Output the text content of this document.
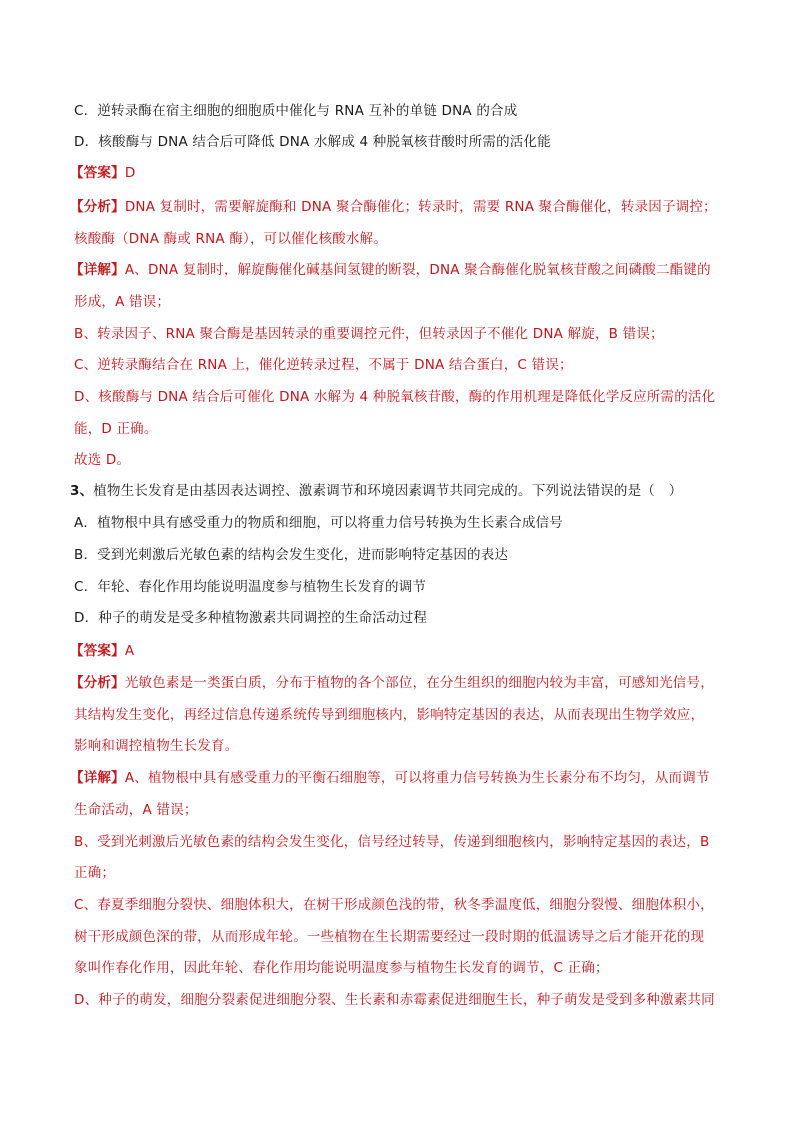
C．逆转录酶在宿主细胞的细胞质中催化与 RNA 互补的单链 DNA 的合成
D．核酸酶与 DNA 结合后可降低 DNA 水解成 4 种脱氧核苷酸时所需的活化能
【答案】D
【分析】DNA 复制时，需要解旋酶和 DNA 聚合酶催化；转录时，需要 RNA 聚合酶催化，转录因子调控；
核酸酶（DNA 酶或 RNA 酶），可以催化核酸水解。
【详解】A、DNA 复制时，解旋酶催化碱基间氢键的断裂，DNA 聚合酶催化脱氧核苷酸之间磷酸二酯键的
形成，A 错误；
B、转录因子、RNA 聚合酶是基因转录的重要调控元件，但转录因子不催化 DNA 解旋，B 错误；
C、逆转录酶结合在 RNA 上，催化逆转录过程，不属于 DNA 结合蛋白，C 错误；
D、核酸酶与 DNA 结合后可催化 DNA 水解为 4 种脱氧核苷酸，酶的作用机理是降低化学反应所需的活化
能，D 正确。
故选 D。
3、植物生长发育是由基因表达调控、激素调节和环境因素调节共同完成的。下列说法错误的是（　）
A．植物根中具有感受重力的物质和细胞，可以将重力信号转换为生长素合成信号
B．受到光刺激后光敏色素的结构会发生变化，进而影响特定基因的表达
C．年轮、春化作用均能说明温度参与植物生长发育的调节
D．种子的萌发是受多种植物激素共同调控的生命活动过程
【答案】A
【分析】光敏色素是一类蛋白质，分布于植物的各个部位，在分生组织的细胞内较为丰富，可感知光信号，
其结构发生变化，再经过信息传递系统传导到细胞核内，影响特定基因的表达，从而表现出生物学效应，
影响和调控植物生长发育。
【详解】A、植物根中具有感受重力的平衡石细胞等，可以将重力信号转换为生长素分布不均匀，从而调节
生命活动，A 错误；
B、受到光刺激后光敏色素的结构会发生变化，信号经过转导，传递到细胞核内，影响特定基因的表达，B
正确；
C、春夏季细胞分裂快、细胞体积大，在树干形成颜色浅的带，秋冬季温度低，细胞分裂慢、细胞体积小，
树干形成颜色深的带，从而形成年轮。一些植物在生长期需要经过一段时期的低温诱导之后才能开花的现
象叫作春化作用，因此年轮、春化作用均能说明温度参与植物生长发育的调节，C 正确；
D、种子的萌发，细胞分裂素促进细胞分裂、生长素和赤霉素促进细胞生长，种子萌发是受到多种激素共同
